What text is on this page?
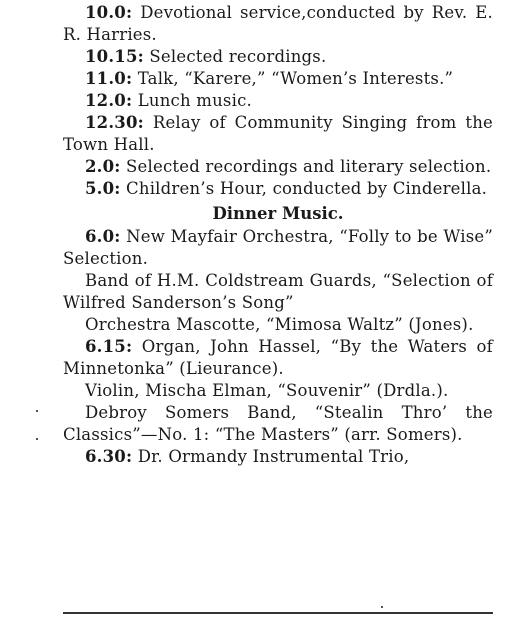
10.0: Devotional service,conducted by Rev. E. R. Harries.

10.15: Selected recordings.

11.0: Talk, “Karere,” “Women’s Interests.”

12.0: Lunch music.

12.30: Relay of Community Singing from the Town Hall.

2.0: Selected recordings and literary selection.

5.0: Children’s Hour, conducted by Cinderella.

Dinner Music.

6.0: New Mayfair Orchestra, “Folly to be Wise” Selection.

Band of H.M. Coldstream Guards, “Selection of Wilfred Sanderson’s Song”

Orchestra Mascotte, “Mimosa Waltz” (Jones).

6.15: Organ, John Hassel, “By the Waters of Minnetonka” (Lieurance).

Violin, Mischa Elman, “Souvenir” (Drdla.).

Debroy Somers Band, “Stealin Thro’ the Classics”—No. 1: “The Masters” (arr. Somers).

6.30: Dr. Ormandy Instrumental Trio,
